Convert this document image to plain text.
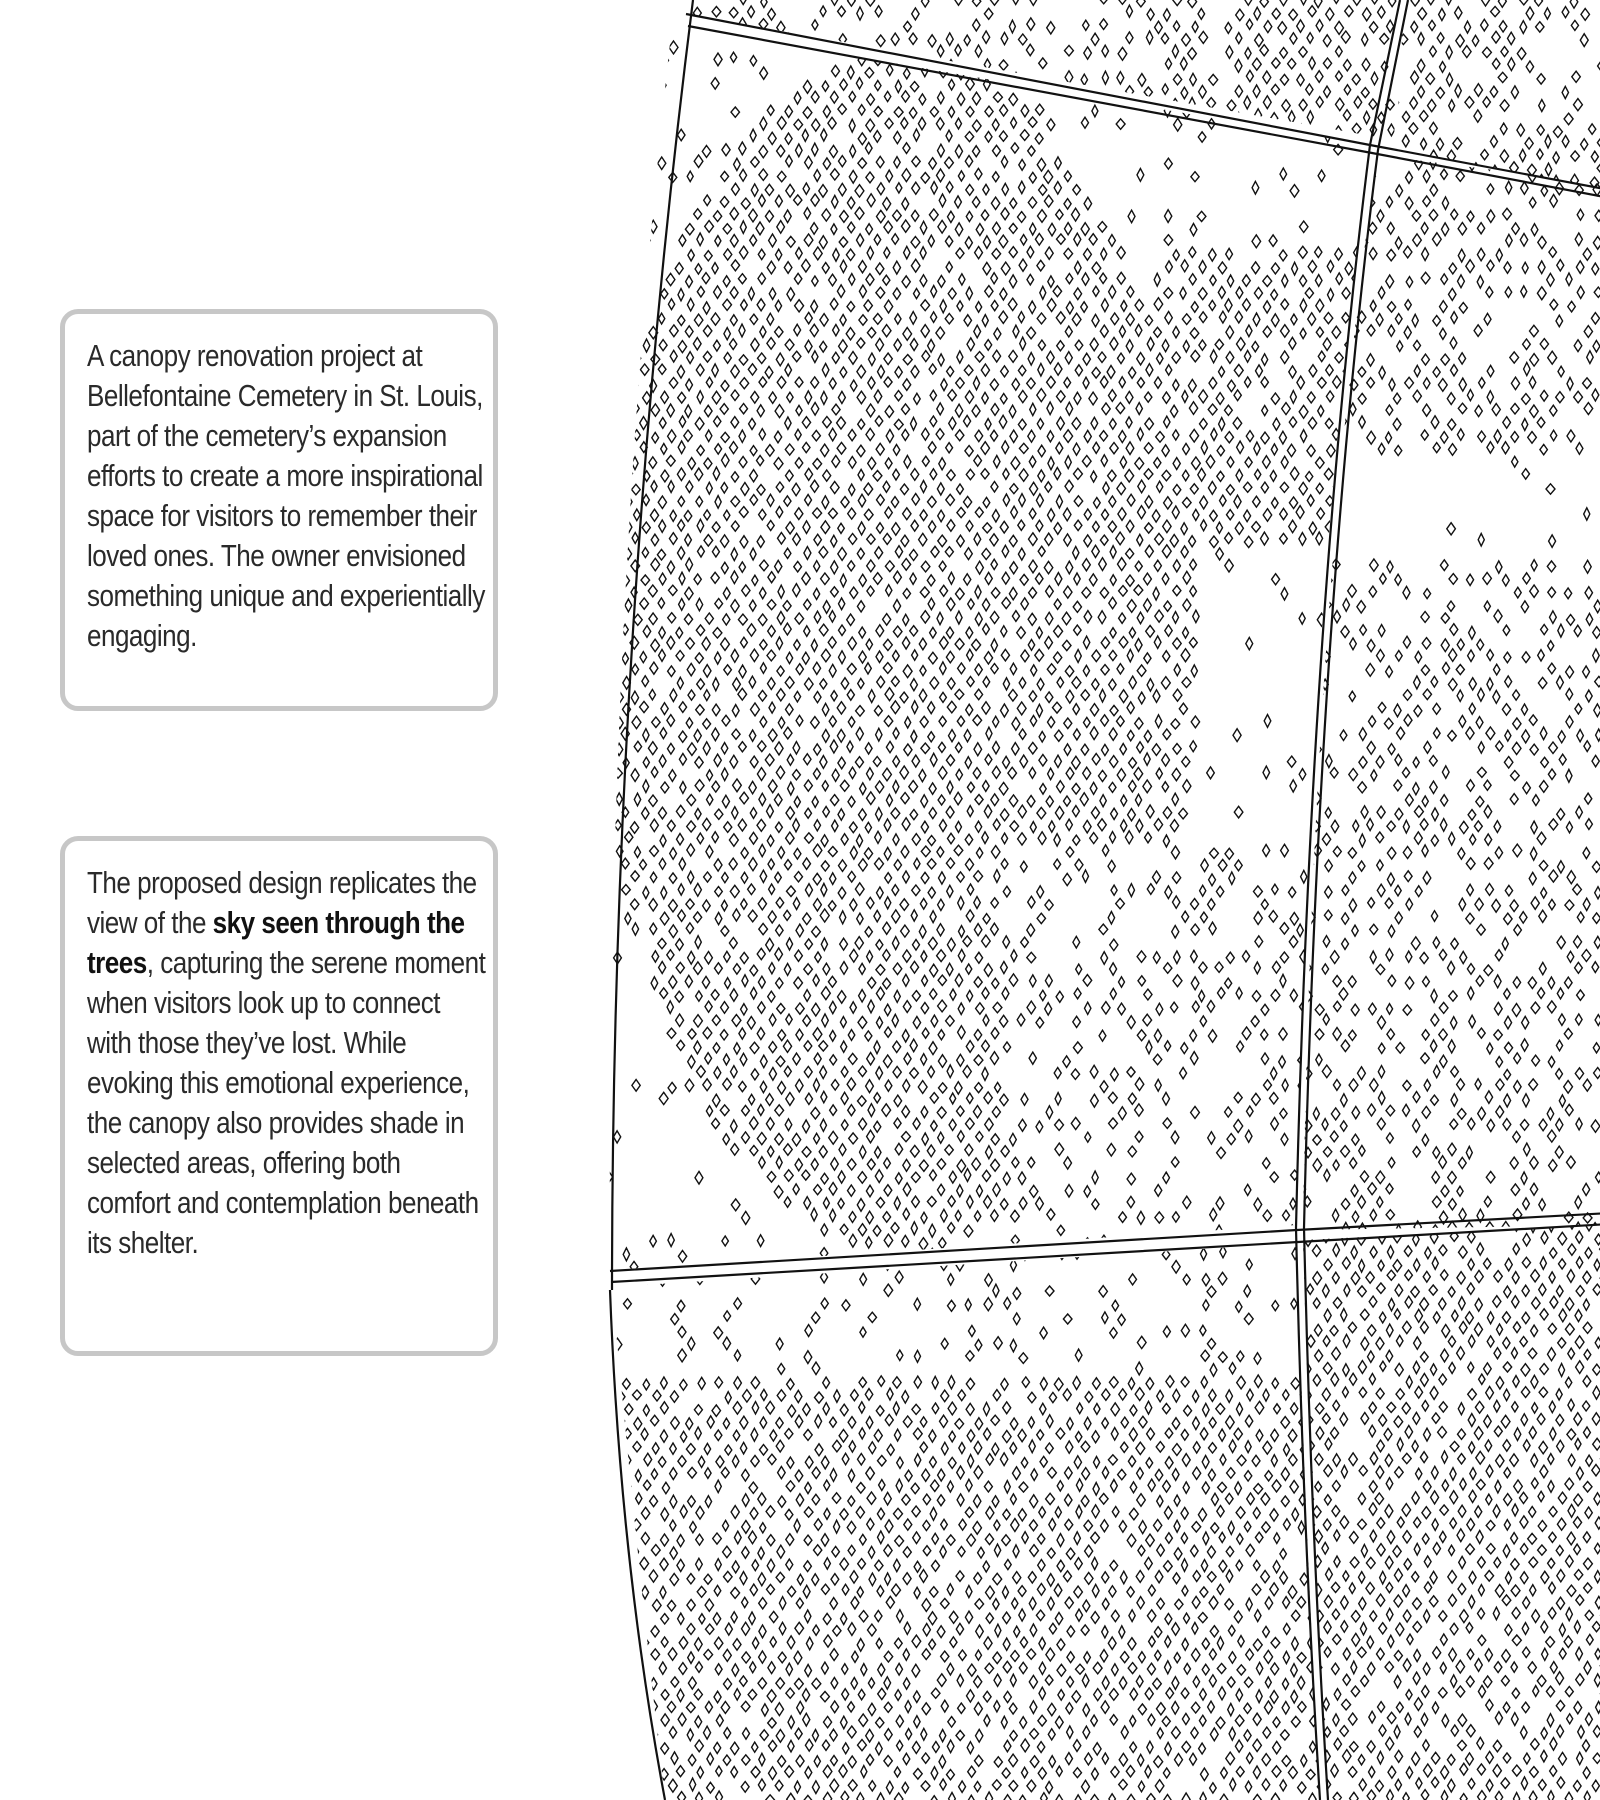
A canopy renovation project at Bellefontaine Cemetery in St. Louis, part of the cemetery’s expansion efforts to create a more inspirational space for visitors to remember their loved ones. The owner envisioned something unique and experientially engaging.

The proposed design replicates the view of the sky seen through the trees, capturing the serene moment when visitors look up to connect with those they’ve lost. While evoking this emotional experience, the canopy also provides shade in selected areas, offering both comfort and contemplation beneath its shelter.
